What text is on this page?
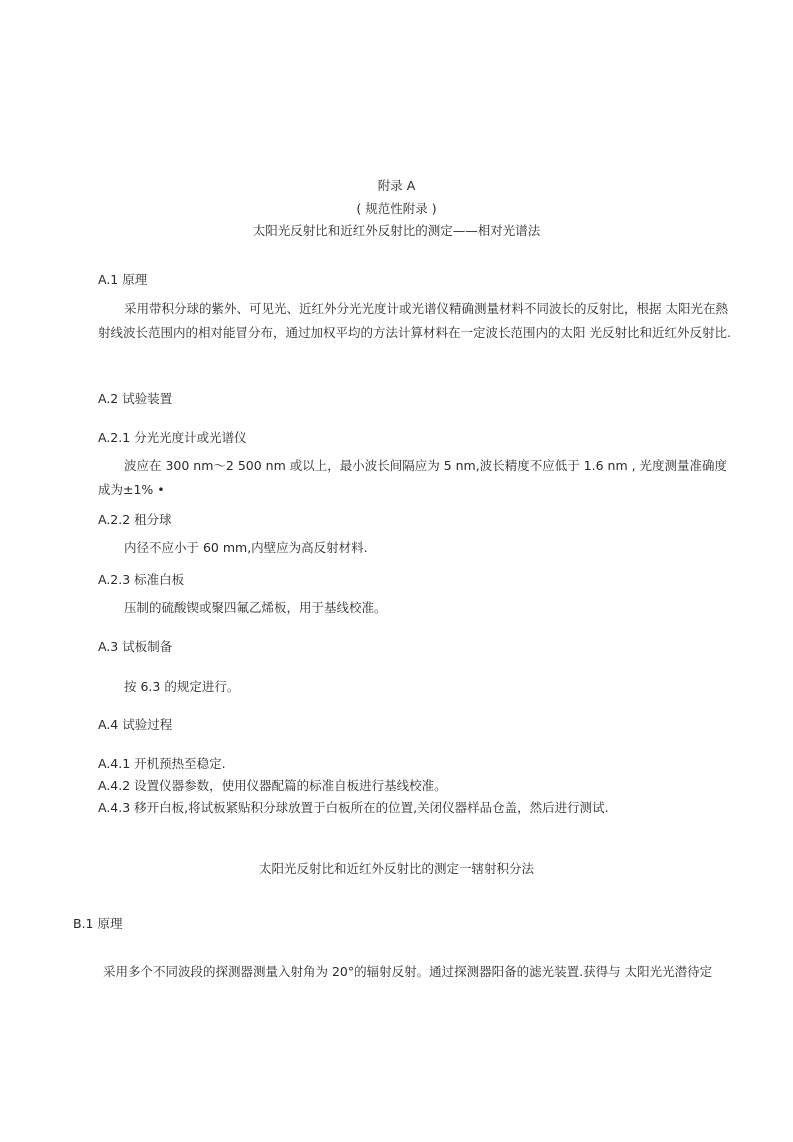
附录 A
( 规范性附录 )
太阳光反射比和近红外反射比的测定——相对光谱法
A.1 原理
采用带积分球的紫外、可见光、近红外分光光度计或光谱仪精确测量材料不同波长的反射比，根据 太阳光在熱射线波长范围内的相对能冒分布，通过加权平均的方法计算材料在一定波长范围内的太阳 光反射比和近红外反射比.
A.2 试验装置
A.2.1 分光光度计或光谱仪
波应在 300 nm～2 500 nm 或以上，最小波长间隔应为 5 nm,波长精度不应低于 1.6 nm , 光度测量准确度成为±1% •
A.2.2 租分球
内径不应小于 60 mm,内壁应为高反射材料.
A.2.3 标准白板
压制的硫酸锲或聚四氟乙烯板，用于基线校准。
A.3 试板制备
按 6.3 的规定进行。
A.4 试验过程
A.4.1 开机预热至稳定.
A.4.2 设置仪器参数，使用仪器配篇的标准自板进行基线校准。
A.4.3 移开白板,将试板紧贴积分球放置于白板所在的位置,关闭仪器样品仓盖，然后进行测试.
太阳光反射比和近红外反射比的测定一辖射积分法
B.1 原理
采用多个不同波段的探测器测量入射角为 20°的辐射反射。通过探测器阳备的滤光装置.获得与 太阳光光潜待定
